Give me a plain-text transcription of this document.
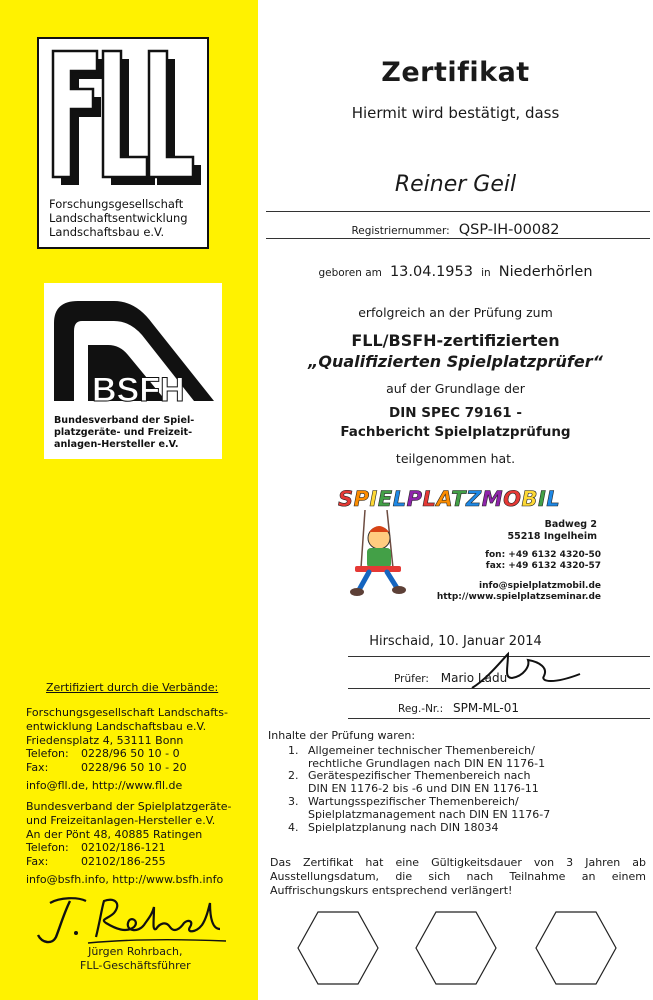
Forschungsgesellschaft
Landschaftsentwicklung
Landschaftsbau e.V.
BSFH
Bundesverband der Spiel-
platzgeräte- und Freizeit-
anlagen-Hersteller e.V.
Zertifiziert durch die Verbände:
Forschungsgesellschaft Landschafts-
entwicklung Landschaftsbau e.V.
Friedensplatz 4, 53111 Bonn
Telefon: 0228/96 50 10 - 0
Fax:	0228/96 50 10 - 20
info@fll.de, http://www.fll.de
Bundesverband der Spielplatzgeräte-
und Freizeitanlagen-Hersteller e.V.
An der Pönt 48, 40885 Ratingen
Telefon: 02102/186-121
Fax:	02102/186-255
info@bsfh.info, http://www.bsfh.info
Jürgen Rohrbach,
FLL-Geschäftsführer
Zertifikat
Hiermit wird bestätigt, dass
Reiner Geil
Registriernummer: QSP-IH-00082
geboren am 13.04.1953 in Niederhörlen
erfolgreich an der Prüfung zum
FLL/BSFH-zertifizierten
„Qualifizierten Spielplatzprüfer“
auf der Grundlage der
DIN SPEC 79161 -
Fachbericht Spielplatzprüfung
teilgenommen hat.
SPIELPLATZMOBIL
Badweg 2
55218 Ingelheim
fon: +49 6132 4320-50
fax: +49 6132 4320-57
info@spielplatzmobil.de
http://www.spielplatzseminar.de
Hirschaid, 10. Januar 2014
Prüfer: Mario Ladu
Reg.-Nr.: SPM-ML-01
Inhalte der Prüfung waren:
1. Allgemeiner technischer Themenbereich/
rechtliche Grundlagen nach DIN EN 1176-1
2. Gerätespezifischer Themenbereich nach
DIN EN 1176-2 bis -6 und DIN EN 1176-11
3. Wartungsspezifischer Themenbereich/
Spielplatzmanagement nach DIN EN 1176-7
4. Spielplatzplanung nach DIN 18034
Das Zertifikat hat eine Gültigkeitsdauer von 3 Jahren ab Ausstellungsdatum, die sich nach Teilnahme an einem Auffrischungskurs entsprechend verlängert!
